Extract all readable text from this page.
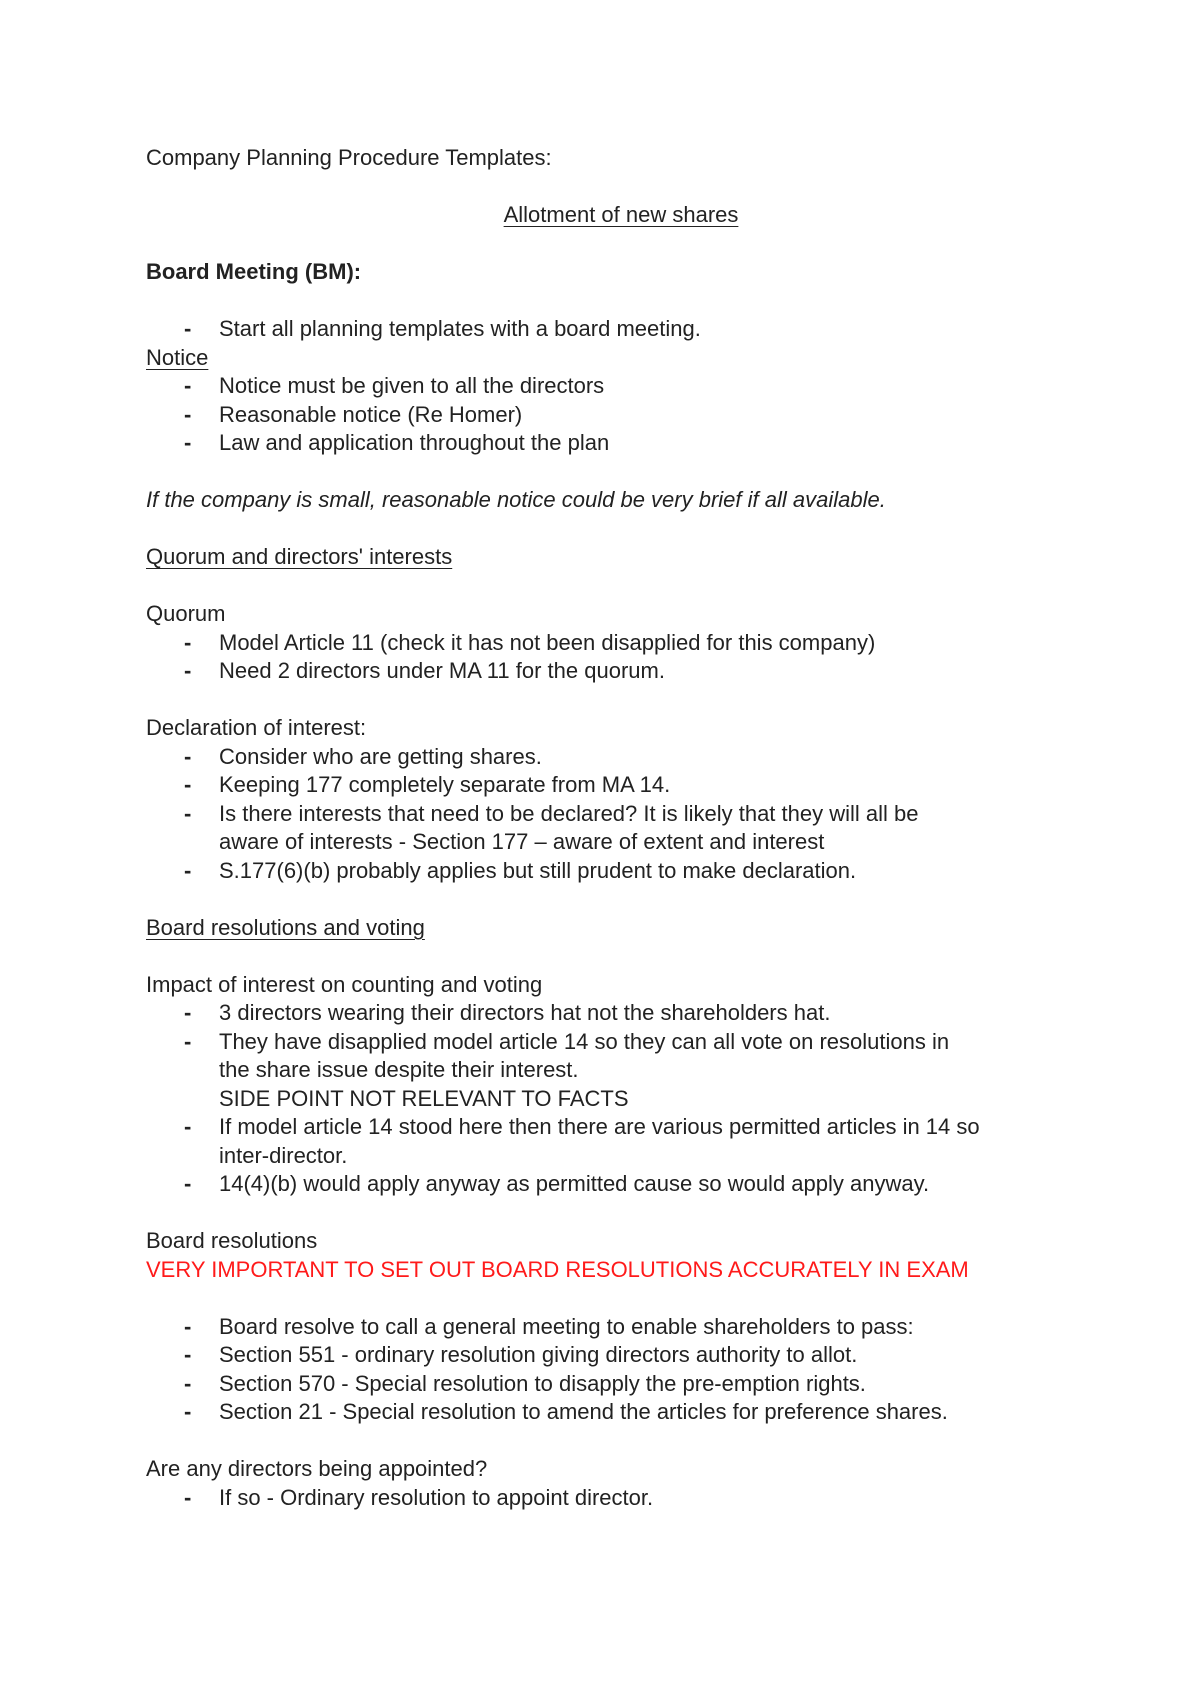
Company Planning Procedure Templates:

Allotment of new shares

Board Meeting (BM):

- Start all planning templates with a board meeting.

Notice

- Notice must be given to all the directors

- Reasonable notice (Re Homer)

- Law and application throughout the plan

If the company is small, reasonable notice could be very brief if all available.

Quorum and directors' interests

Quorum

- Model Article 11 (check it has not been disapplied for this company)

- Need 2 directors under MA 11 for the quorum.

Declaration of interest:

- Consider who are getting shares.

- Keeping 177 completely separate from MA 14.

- Is there interests that need to be declared? It is likely that they will all be

aware of interests - Section 177 – aware of extent and interest

- S.177(6)(b) probably applies but still prudent to make declaration.

Board resolutions and voting

Impact of interest on counting and voting

- 3 directors wearing their directors hat not the shareholders hat.

- They have disapplied model article 14 so they can all vote on resolutions in

the share issue despite their interest.

SIDE POINT NOT RELEVANT TO FACTS

- If model article 14 stood here then there are various permitted articles in 14 so

inter-director.

- 14(4)(b) would apply anyway as permitted cause so would apply anyway.

Board resolutions

VERY IMPORTANT TO SET OUT BOARD RESOLUTIONS ACCURATELY IN EXAM

- Board resolve to call a general meeting to enable shareholders to pass:

- Section 551 - ordinary resolution giving directors authority to allot.

- Section 570 - Special resolution to disapply the pre-emption rights.

- Section 21 - Special resolution to amend the articles for preference shares.

Are any directors being appointed?

- If so - Ordinary resolution to appoint director.
